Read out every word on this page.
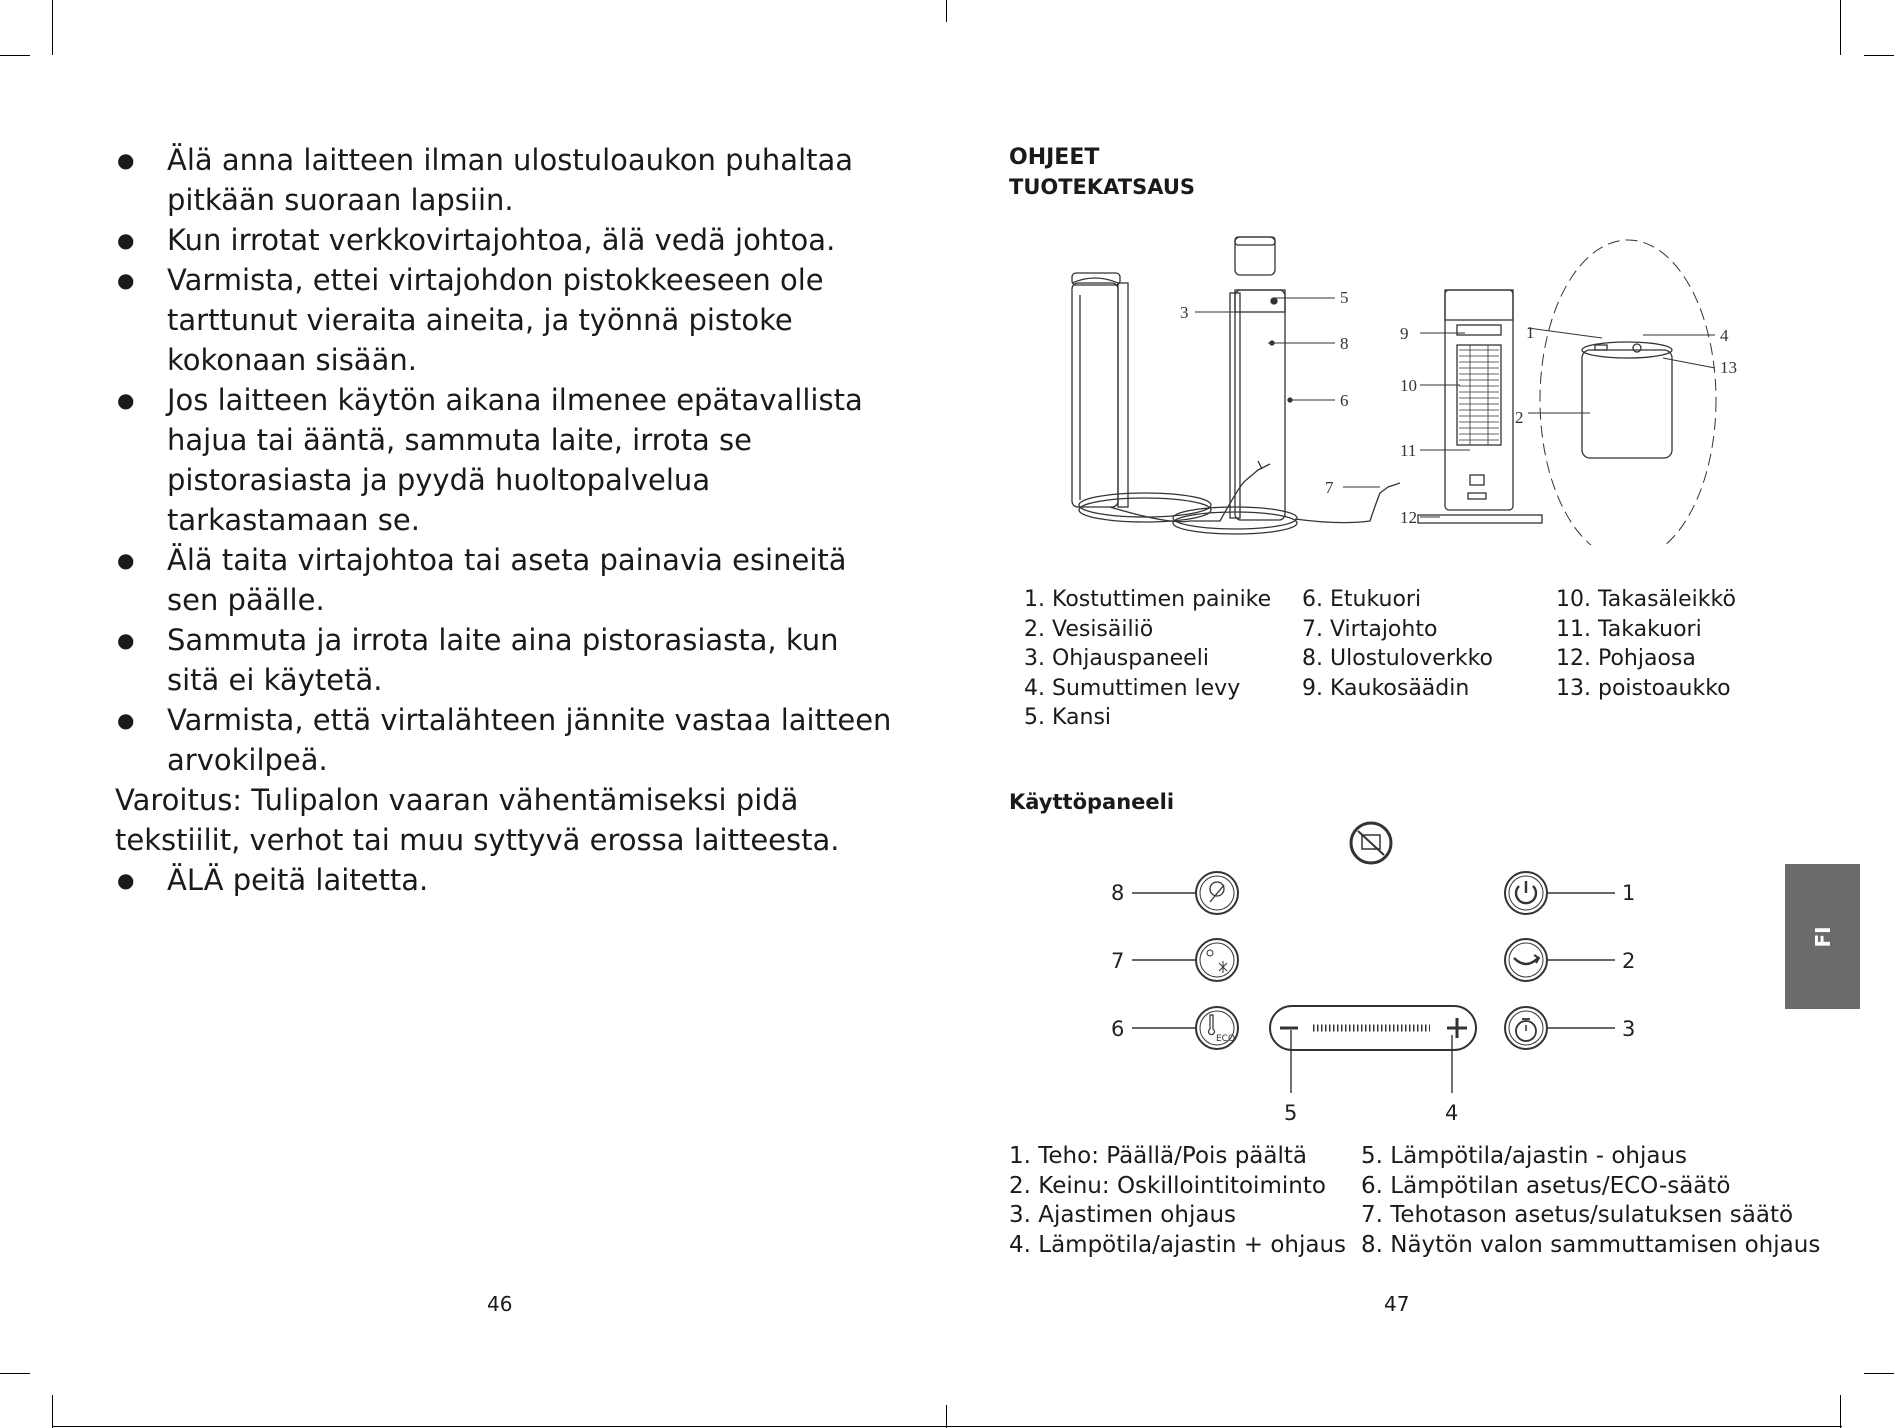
● Älä anna laitteen ilman ulostuloaukon puhaltaa pitkään suoraan lapsiin.
● Kun irrotat verkkovirtajohtoa, älä vedä johtoa.
● Varmista, ettei virtajohdon pistokkeeseen ole tarttunut vieraita aineita, ja työnnä pistoke kokonaan sisään.
● Jos laitteen käytön aikana ilmenee epätavallista hajua tai ääntä, sammuta laite, irrota se pistorasiasta ja pyydä huoltopalvelua tarkastamaan se.
● Älä taita virtajohtoa tai aseta painavia esineitä sen päälle.
● Sammuta ja irrota laite aina pistorasiasta, kun sitä ei käytetä.
● Varmista, että virtalähteen jännite vastaa laitteen arvokilpeä.

Varoitus: Tulipalon vaaran vähentämiseksi pidä tekstiilit, verhot tai muu syttyvä erossa laitteesta.

● ÄLÄ peitä laitetta.
46
OHJEET
TUOTEKATSAUS
3
5
8
6
7
9
10
11
12
1
2
4
13
1. Kostuttimen painike
2. Vesisäiliö
3. Ohjauspaneeli
4. Sumuttimen levy
5. Kansi
6. Etukuori
7. Virtajohto
8. Ulostuloverkko
9. Kaukosäädin
10. Takasäleikkö
11. Takakuori
12. Pohjaosa
13. poistoaukko
Käyttöpaneeli
ECO
8
7
6
1
2
3
5	4
1. Teho: Päällä/Pois päältä
2. Keinu: Oskillointitoiminto
3. Ajastimen ohjaus
4. Lämpötila/ajastin + ohjaus
5. Lämpötila/ajastin - ohjaus
6. Lämpötilan asetus/ECO-säätö
7. Tehotason asetus/sulatuksen säätö
8. Näytön valon sammuttamisen ohjaus
47
FI
